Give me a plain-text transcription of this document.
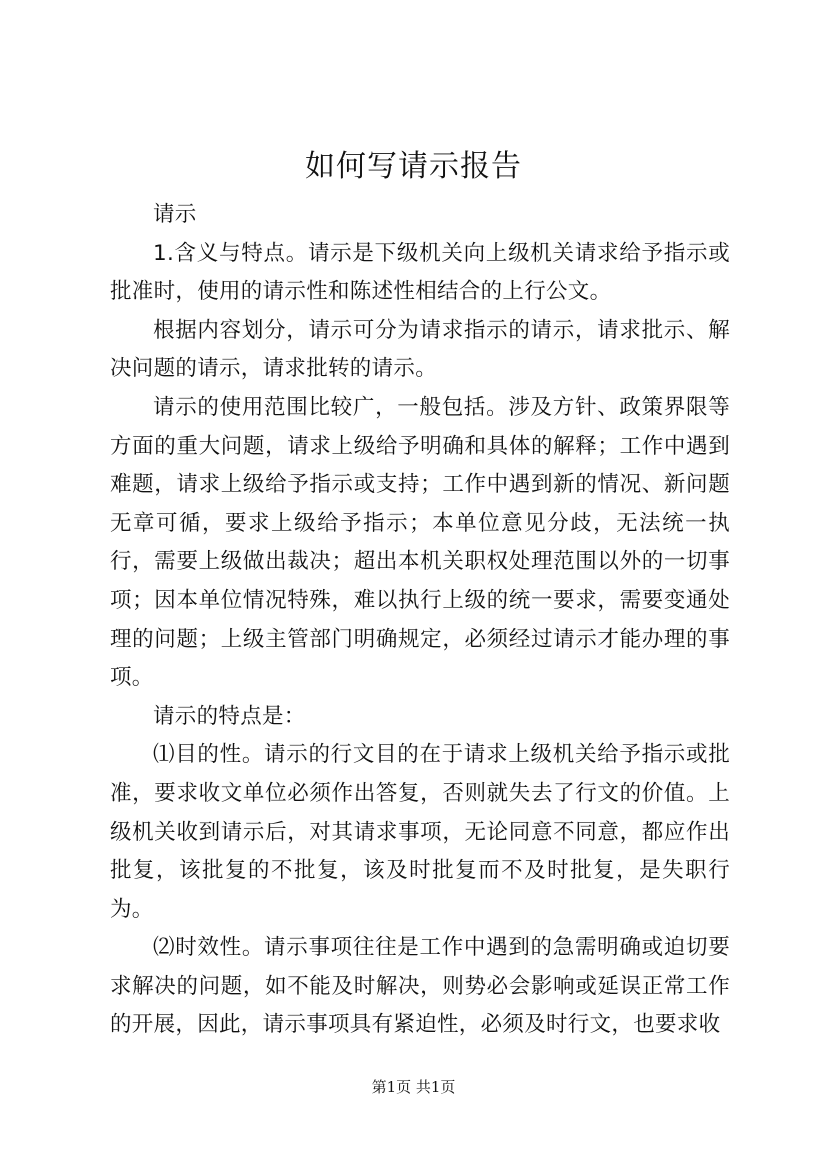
如何写请示报告

请示

1.含义与特点。请示是下级机关向上级机关请求给予指示或批准时，使用的请示性和陈述性相结合的上行公文。

根据内容划分，请示可分为请求指示的请示，请求批示、解决问题的请示，请求批转的请示。

请示的使用范围比较广，一般包括。涉及方针、政策界限等方面的重大问题，请求上级给予明确和具体的解释；工作中遇到难题，请求上级给予指示或支持；工作中遇到新的情况、新问题无章可循，要求上级给予指示；本单位意见分歧，无法统一执行，需要上级做出裁决；超出本机关职权处理范围以外的一切事项；因本单位情况特殊，难以执行上级的统一要求，需要变通处理的问题；上级主管部门明确规定，必须经过请示才能办理的事项。

请示的特点是：

⑴目的性。请示的行文目的在于请求上级机关给予指示或批准，要求收文单位必须作出答复，否则就失去了行文的价值。上级机关收到请示后，对其请求事项，无论同意不同意，都应作出批复，该批复的不批复，该及时批复而不及时批复，是失职行为。

⑵时效性。请示事项往往是工作中遇到的急需明确或迫切要求解决的问题，如不能及时解决，则势必会影响或延误正常工作的开展，因此，请示事项具有紧迫性，必须及时行文，也要求收

第1页 共1页
